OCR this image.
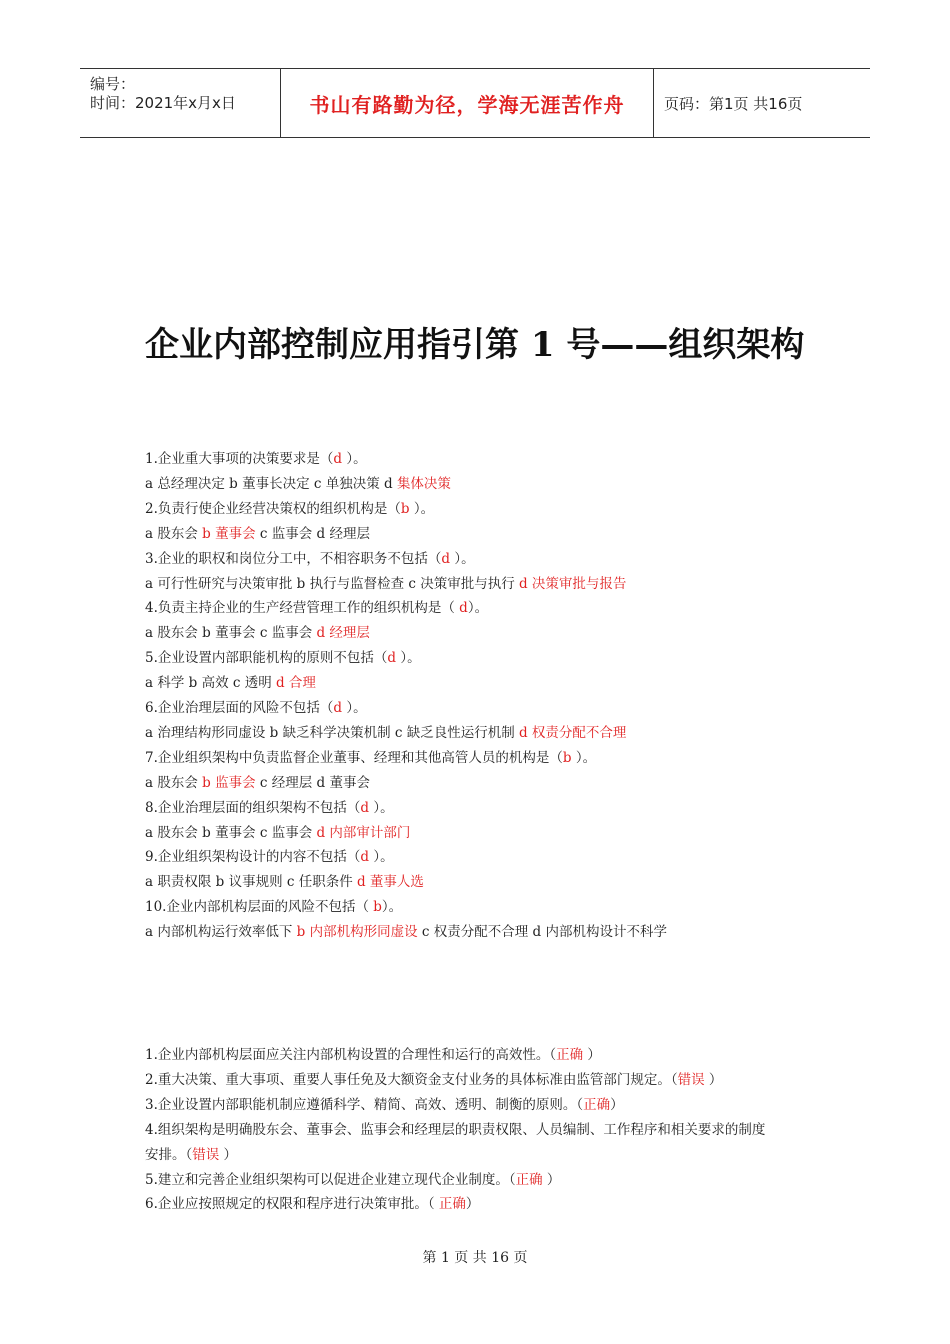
编号：
时间：2021年x月x日	书山有路勤为径，学海无涯苦作舟	页码：第1页 共16页
企业内部控制应用指引第 1 号——组织架构
1.企业重大事项的决策要求是（d ）。
a 总经理决定 b 董事长决定 c 单独决策 d 集体决策
2.负责行使企业经营决策权的组织机构是（b ）。
a 股东会 b 董事会 c 监事会 d 经理层
3.企业的职权和岗位分工中，不相容职务不包括（d ）。
a 可行性研究与决策审批 b 执行与监督检查 c 决策审批与执行 d 决策审批与报告
4.负责主持企业的生产经营管理工作的组织机构是（ d）。
a 股东会 b 董事会 c 监事会 d 经理层
5.企业设置内部职能机构的原则不包括（d ）。
a 科学 b 高效 c 透明 d 合理
6.企业治理层面的风险不包括（d ）。
a 治理结构形同虚设 b 缺乏科学决策机制 c 缺乏良性运行机制 d 权责分配不合理
7.企业组织架构中负责监督企业董事、经理和其他高管人员的机构是（b ）。
a 股东会 b 监事会 c 经理层 d 董事会
8.企业治理层面的组织架构不包括（d ）。
a 股东会 b 董事会 c 监事会 d 内部审计部门
9.企业组织架构设计的内容不包括（d ）。
a 职责权限 b 议事规则 c 任职条件 d 董事人选
10.企业内部机构层面的风险不包括（ b）。
a 内部机构运行效率低下 b 内部机构形同虚设 c 权责分配不合理 d 内部机构设计不科学
1.企业内部机构层面应关注内部机构设置的合理性和运行的高效性。（正确 ）
2.重大决策、重大事项、重要人事任免及大额资金支付业务的具体标准由监管部门规定。（错误 ）
3.企业设置内部职能机制应遵循科学、精简、高效、透明、制衡的原则。（正确）
4.组织架构是明确股东会、董事会、监事会和经理层的职责权限、人员编制、工作程序和相关要求的制度
安排。（错误 ）
5.建立和完善企业组织架构可以促进企业建立现代企业制度。（正确 ）
6.企业应按照规定的权限和程序进行决策审批。（ 正确）
第 1 页 共 16 页
